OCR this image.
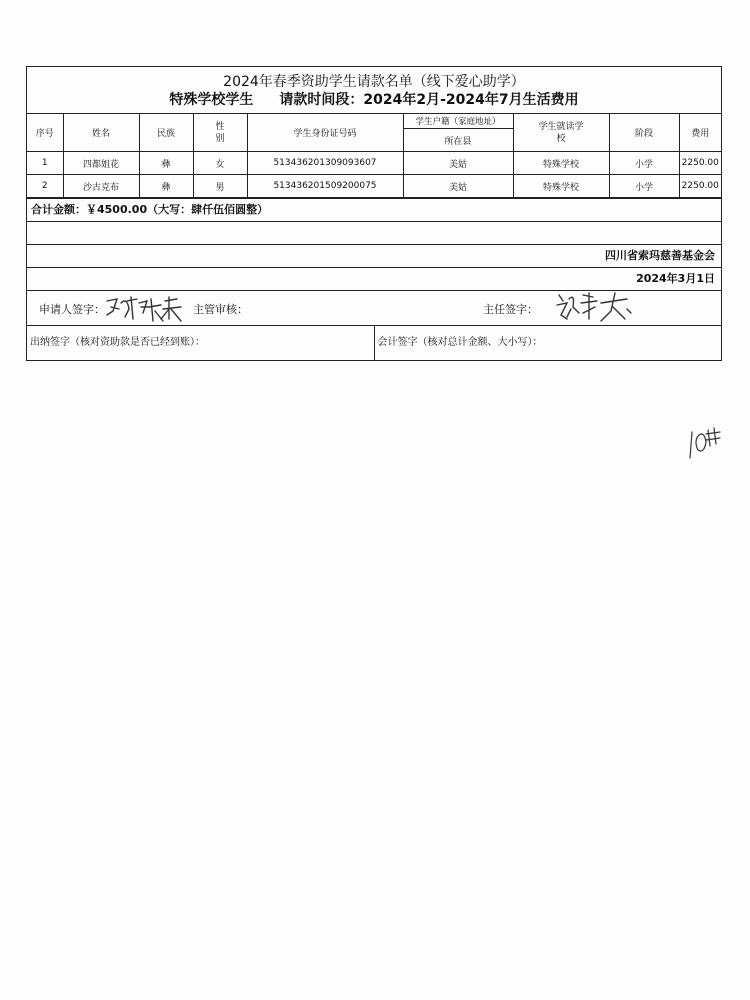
2024年春季资助学生请款名单（线下爱心助学）
特殊学校学生 请款时间段：2024年2月-2024年7月生活费用
序号	姓名	民族	性别	学生身份证号码	学生户籍（家庭地址）	学生就读学校	阶段	费用
					所在县			
1	四都姐花	彝	女	513436201309093607	美姑	特殊学校	小学	2250.00
2	沙古克布	彝	男	513436201509200075	美姑	特殊学校	小学	2250.00
合计金额：￥4500.00（大写：肆仟伍佰圆整）
四川省索玛慈善基金会
2024年3月1日
申请人签字：	主管审核：	主任签字：
出纳签字（核对资助款是否已经到账）：	会计签字（核对总计金额、大小写）：
